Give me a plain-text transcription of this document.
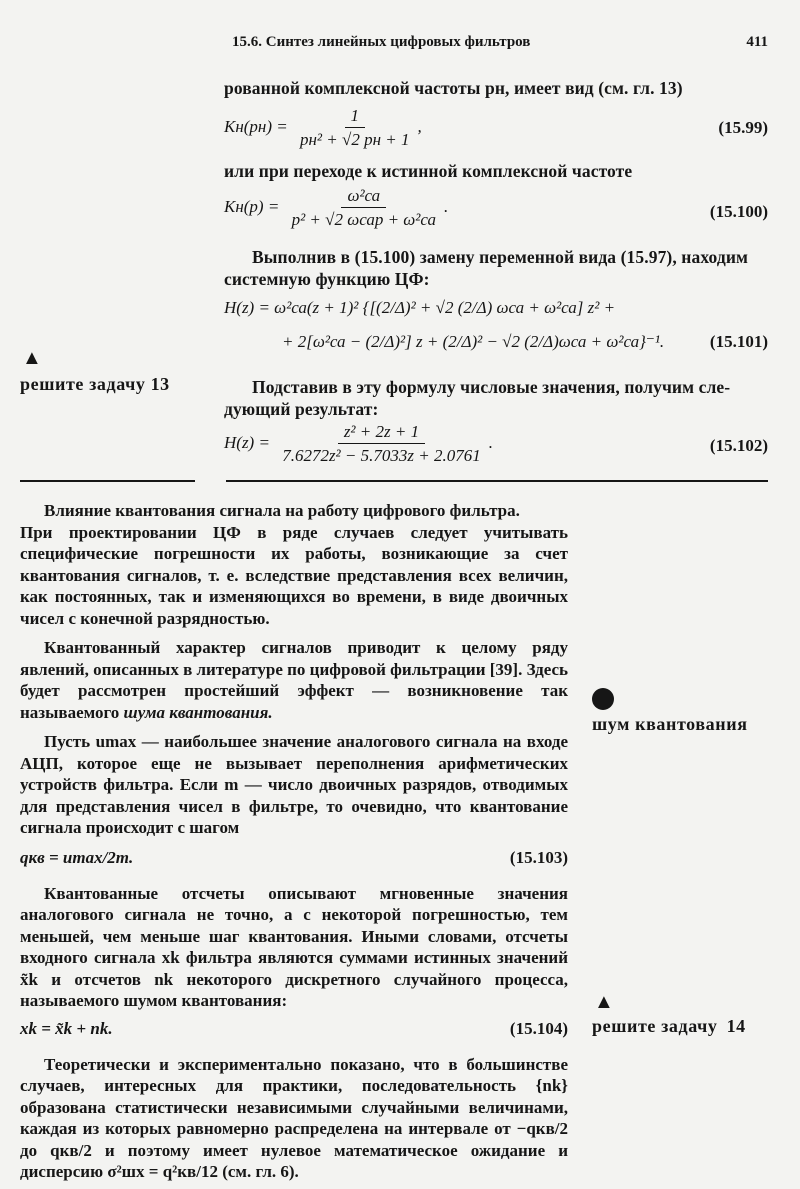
15.6. Синтез линейных цифровых фильтров	411
рованной комплексной частоты pн, имеет вид (см. гл. 13)
$Kн(pн) = \frac{1}{\text{pн² + √2 pн + 1}}$ ,	(15.99)
или при переходе к истинной комплексной частоте
$Kн(p) = \frac{\text{ω²са}}{\text{p² + √2 ωсаp + ω²са}}$ .	(15.100)
Выполнив в (15.100) замену переменной вида (15.97), находим
системную функцию ЦФ:
H(z) = ω²са(z + 1)² {[(2/Δ)² + √2 (2/Δ) ωса + ω²са] z² +
+ 2[ω²са − (2/Δ)²] z + (2/Δ)² − √2 (2/Δ)ωса + ω²са}⁻¹.	(15.101)
▲
решите задачу 13	Подставив в эту формулу числовые значения, получим сле-
дующий результат:
$H(z) = \frac{\text{z² + 2z + 1}}{\text{7.6272z² − 5.7033z + 2.0761}}$ .	(15.102)
Влияние квантования сигнала на работу цифрового фильтра.
При проектировании ЦФ в ряде случаев следует учитывать специфические погрешности их работы, возникающие за счет квантования сигналов, т. е. вследствие представления всех величин, как постоянных, так и изменяющихся во времени, в виде двоичных чисел с конечной разрядностью.
Квантованный характер сигналов приводит к целому ряду явлений, описанных в литературе по цифровой фильтрации [39]. Здесь будет рассмотрен простейший эффект — возникновение так называемого шума квантования.
Пусть umax — наибольшее значение аналогового сигнала на входе АЦП, которое еще не вызывает переполнения арифметических устройств фильтра. Если m — число двоичных разрядов, отводимых для представления чисел в фильтре, то очевидно, что квантование сигнала происходит с шагом
qкв = umax/2m.	(15.103)
Квантованные отсчеты описывают мгновенные значения аналогового сигнала не точно, а с некоторой погрешностью, тем меньшей, чем меньше шаг квантования. Иными словами, отсчеты входного сигнала xk фильтра являются суммами истинных значений x̃k и отсчетов nk некоторого дискретного случайного процесса, называемого шумом квантования:
xk = x̃k + nk.	(15.104)
Теоретически и экспериментально показано, что в большинстве случаев, интересных для практики, последовательность {nk} образована статистически независимыми случайными величинами, каждая из которых равномерно распределена на интервале от −qкв/2 до qкв/2 и поэтому имеет нулевое математическое ожидание и дисперсию σ²шх = q²кв/12 (см. гл. 6).
шум квантования
▲
решите задачу 14
